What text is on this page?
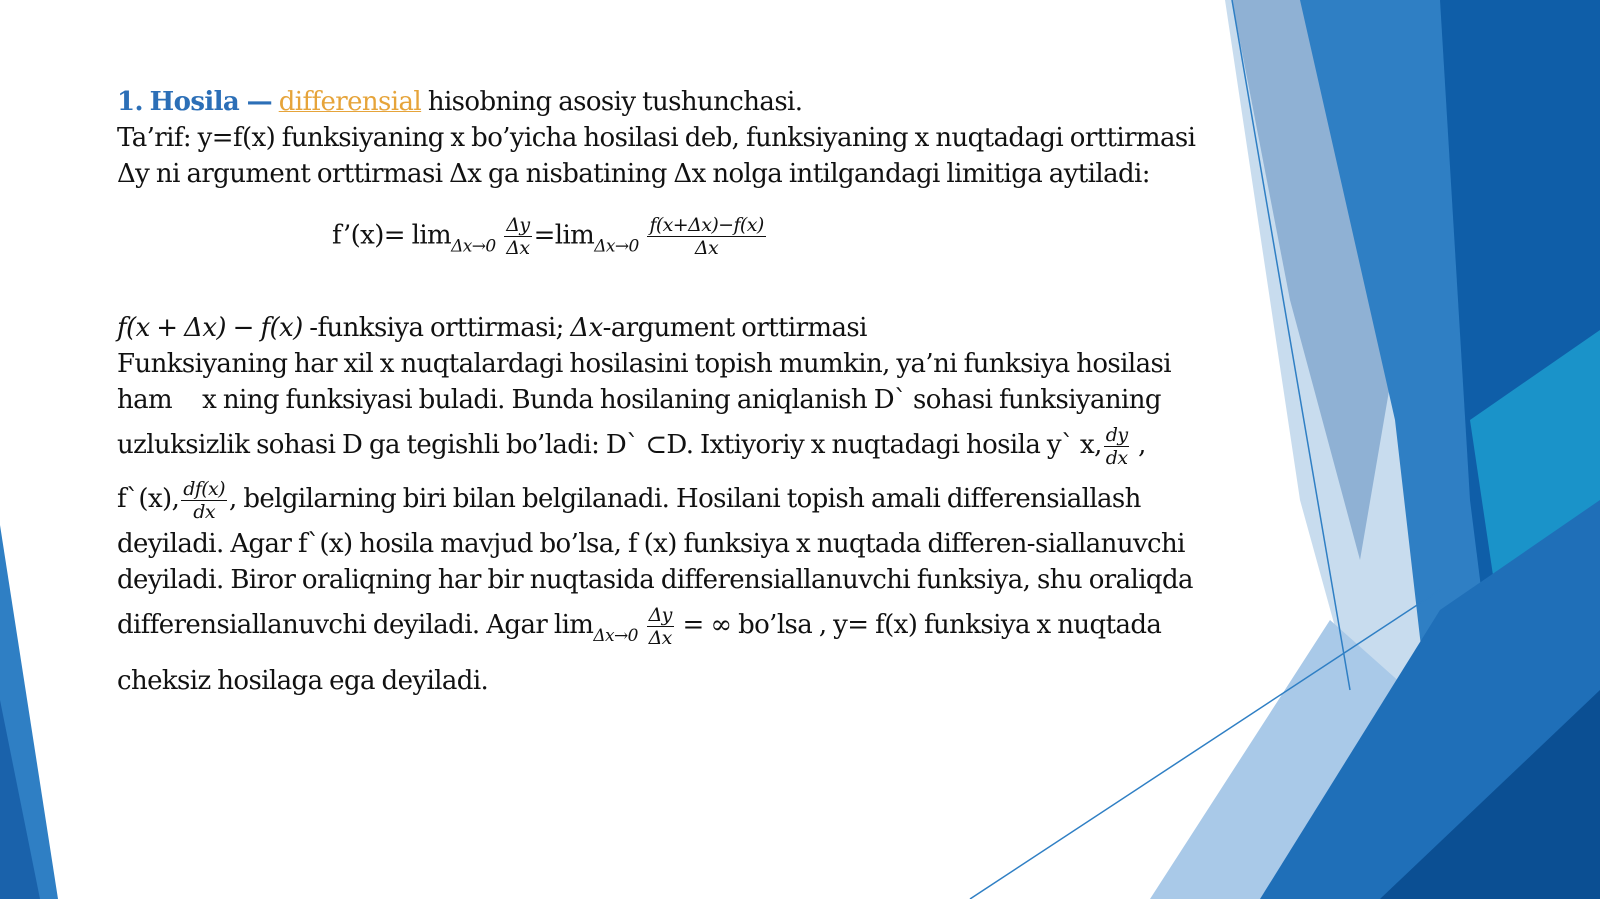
1. Hosila — differensial hisobning asosiy tushunchasi.
Ta’rif: y=f(x) funksiyaning x bo’yicha hosilasi deb, funksiyaning x nuqtadagi orttirmasi
Δy ni argument orttirmasi Δx ga nisbatining Δx nolga intilgandagi limitiga aytiladi:
f’(x)= $\lim_{\Delta x\to 0} \frac{\Delta y}{\Delta x} =\lim_{\Delta x\to 0} \frac{f(x+\Delta x)-f(x)}{\Delta x}$
f(x + Δx) − f(x) -funksiya orttirmasi; Δx-argument orttirmasi
Funksiyaning har xil x nuqtalardagi hosilasini topish mumkin, ya’ni funksiya hosilasi
ham x ning funksiyasi buladi. Bunda hosilaning aniqlanish D` sohasi funksiyaning
uzluksizlik sohasi D ga tegishli bo’ladi: D` ⊂D. Ixtiyoriy x nuqtadagi hosila y` x, $\frac{dy}{dx}$ ,
f`(x), $\frac{df(x)}{dx}$ , belgilarning biri bilan belgilanadi. Hosilani topish amali differensiallash
deyiladi. Agar f`(x) hosila mavjud bo’lsa, f (x) funksiya x nuqtada differen-siallanuvchi
deyiladi. Biror oraliqning har bir nuqtasida differensiallanuvchi funksiya, shu oraliqda
differensiallanuvchi deyiladi. Agar $\lim_{\Delta x\to 0} \frac{\Delta y}{\Delta x}$ = ∞ bo’lsa , y= f(x) funksiya x nuqtada
cheksiz hosilaga ega deyiladi.
